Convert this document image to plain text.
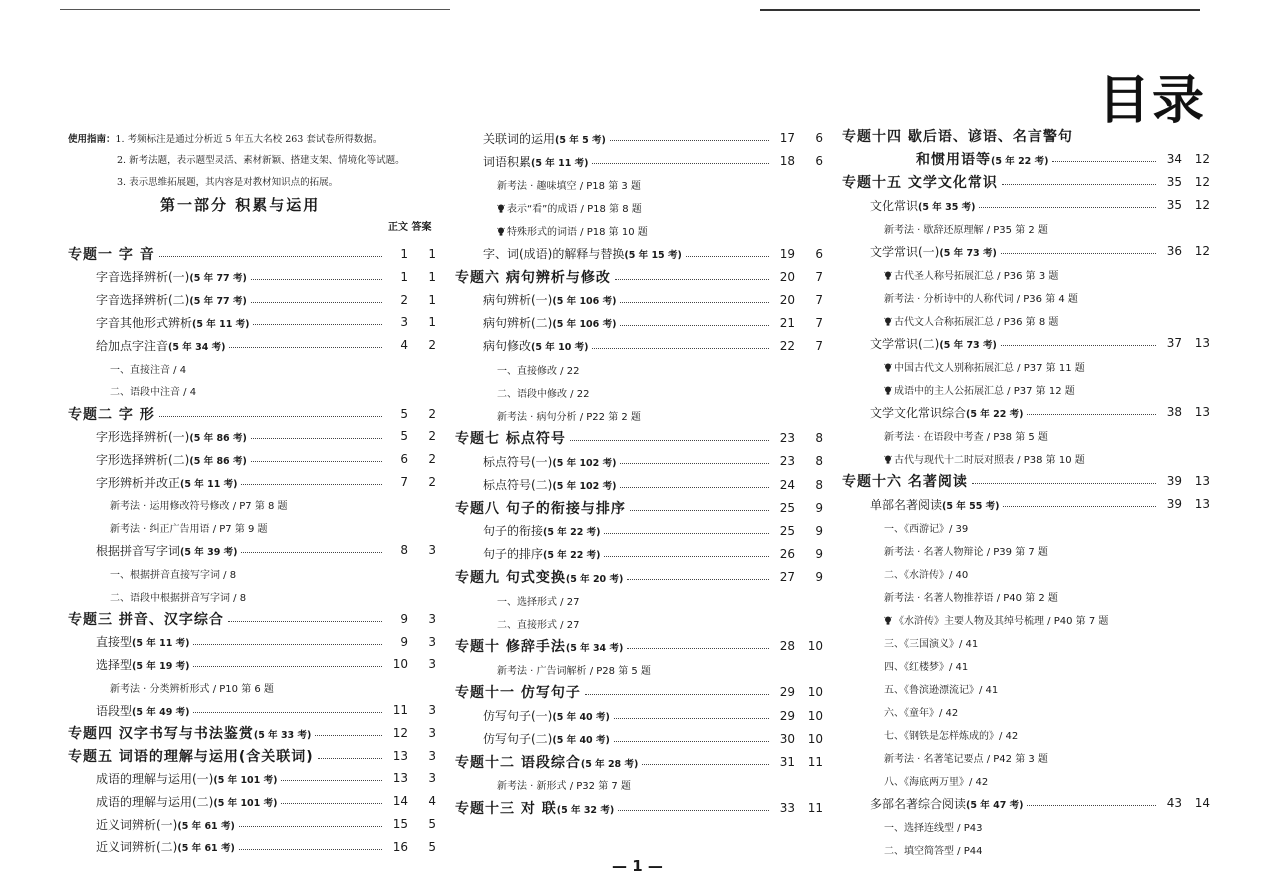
目录
使用指南：1. 考频标注是通过分析近 5 年五大名校 263 套试卷所得数据。
2. 新考法题，表示题型灵活、素材新颖、搭建支架、情境化等试题。
3. 表示思维拓展题，其内容是对教材知识点的拓展。
第一部分 积累与运用
正文 答案
专题一 字 音	1	1
字音选择辨析(一)(5 年 77 考)	1	1
字音选择辨析(二)(5 年 77 考)	2	1
字音其他形式辨析(5 年 11 考)	3	1
给加点字注音(5 年 34 考)	4	2
一、直接注音 / 4
二、语段中注音 / 4
专题二 字 形	5	2
字形选择辨析(一)(5 年 86 考)	5	2
字形选择辨析(二)(5 年 86 考)	6	2
字形辨析并改正(5 年 11 考)	7	2
新考法 · 运用修改符号修改 / P7 第 8 题
新考法 · 纠正广告用语 / P7 第 9 题
根据拼音写字词(5 年 39 考)	8	3
一、根据拼音直接写字词 / 8
二、语段中根据拼音写字词 / 8
专题三 拼音、汉字综合	9	3
直接型(5 年 11 考)	9	3
选择型(5 年 19 考)	10	3
新考法 · 分类辨析形式 / P10 第 6 题
语段型(5 年 49 考)	11	3
专题四 汉字书写与书法鉴赏(5 年 33 考)	12	3
专题五 词语的理解与运用(含关联词)	13	3
成语的理解与运用(一)(5 年 101 考)	13	3
成语的理解与运用(二)(5 年 101 考)	14	4
近义词辨析(一)(5 年 61 考)	15	5
近义词辨析(二)(5 年 61 考)	16	5
关联词的运用(5 年 5 考)	17	6
词语积累(5 年 11 考)	18	6
新考法 · 趣味填空 / P18 第 3 题
表示“看”的成语 / P18 第 8 题
特殊形式的词语 / P18 第 10 题
字、词(成语)的解释与替换(5 年 15 考)	19	6
专题六 病句辨析与修改	20	7
病句辨析(一)(5 年 106 考)	20	7
病句辨析(二)(5 年 106 考)	21	7
病句修改(5 年 10 考)	22	7
一、直接修改 / 22
二、语段中修改 / 22
新考法 · 病句分析 / P22 第 2 题
专题七 标点符号	23	8
标点符号(一)(5 年 102 考)	23	8
标点符号(二)(5 年 102 考)	24	8
专题八 句子的衔接与排序	25	9
句子的衔接(5 年 22 考)	25	9
句子的排序(5 年 22 考)	26	9
专题九 句式变换(5 年 20 考)	27	9
一、选择形式 / 27
二、直接形式 / 27
专题十 修辞手法(5 年 34 考)	28	10
新考法 · 广告词解析 / P28 第 5 题
专题十一 仿写句子	29	10
仿写句子(一)(5 年 40 考)	29	10
仿写句子(二)(5 年 40 考)	30	10
专题十二 语段综合(5 年 28 考)	31	11
新考法 · 新形式 / P32 第 7 题
专题十三 对 联(5 年 32 考)	33	11
专题十四 歇后语、谚语、名言警句
和惯用语等(5 年 22 考)	34	12
专题十五 文学文化常识	35	12
文化常识(5 年 35 考)	35	12
新考法 · 歇辞还原理解 / P35 第 2 题
文学常识(一)(5 年 73 考)	36	12
古代圣人称号拓展汇总 / P36 第 3 题
新考法 · 分析诗中的人称代词 / P36 第 4 题
古代文人合称拓展汇总 / P36 第 8 题
文学常识(二)(5 年 73 考)	37	13
中国古代文人别称拓展汇总 / P37 第 11 题
成语中的主人公拓展汇总 / P37 第 12 题
文学文化常识综合(5 年 22 考)	38	13
新考法 · 在语段中考查 / P38 第 5 题
古代与现代十二时辰对照表 / P38 第 10 题
专题十六 名著阅读	39	13
单部名著阅读(5 年 55 考)	39	13
一、《西游记》/ 39
新考法 · 名著人物辩论 / P39 第 7 题
二、《水浒传》/ 40
新考法 · 名著人物推荐语 / P40 第 2 题
《水浒传》主要人物及其绰号梳理 / P40 第 7 题
三、《三国演义》/ 41
四、《红楼梦》/ 41
五、《鲁滨逊漂流记》/ 41
六、《童年》/ 42
七、《钢铁是怎样炼成的》/ 42
新考法 · 名著笔记要点 / P42 第 3 题
八、《海底两万里》/ 42
多部名著综合阅读(5 年 47 考)	43	14
一、选择连线型 / P43
二、填空简答型 / P44
— 1 —
